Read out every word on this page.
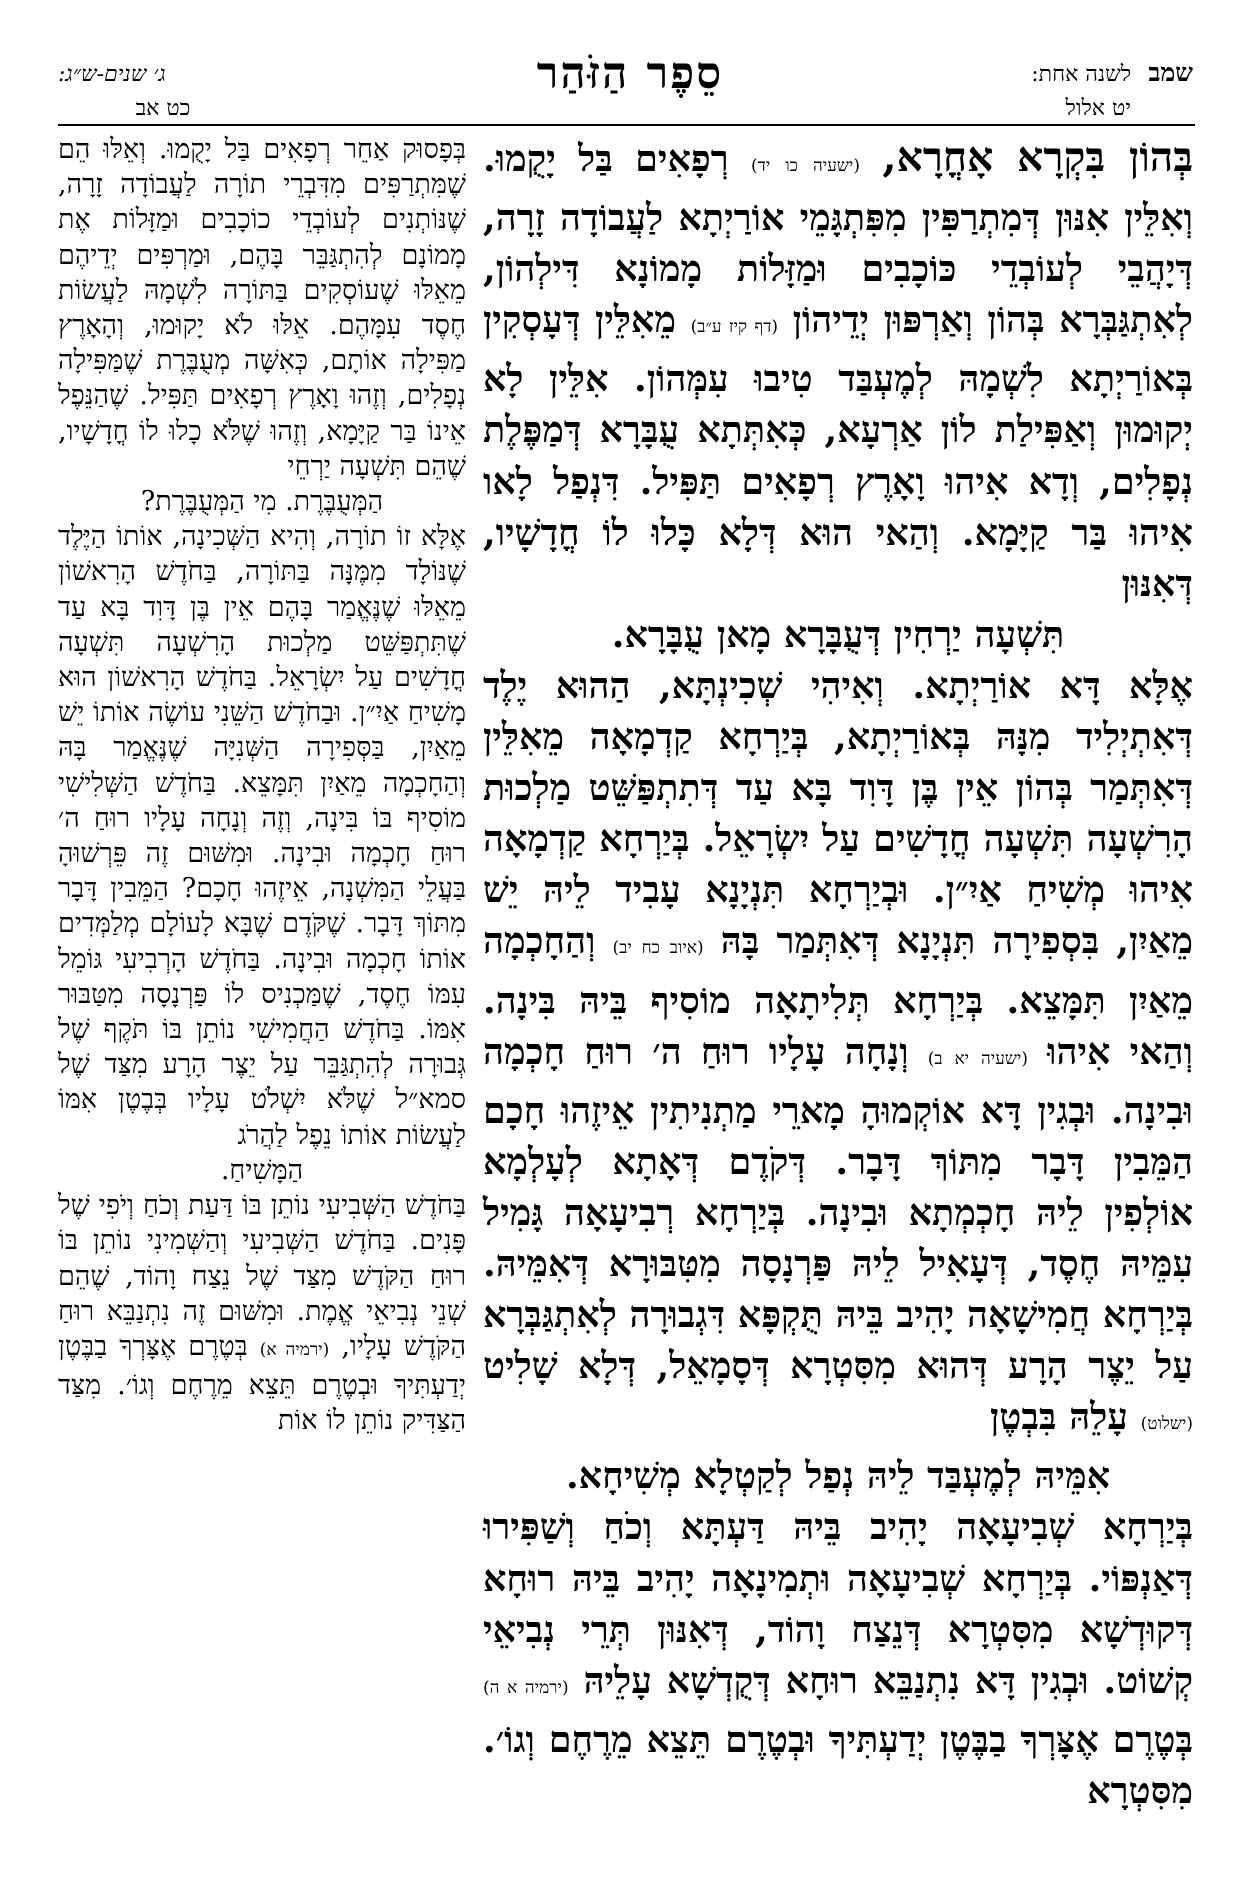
שמב
לשנה אחת:
יט אלול
סֵפֶר הַזֹּהַר
ג׳ שנים-ש״ג:
כט אב

בְּהוֹן בִּקְרָא אָחֳרָא, (ישעיה כו יד) רְפָאִים בַּל יָקֻמוּ. וְאִלֵּין אִנּוּן דְּמִתְרַפִּין מִפִּתְגָּמֵי אוֹרַיְתָא לַעֲבוֹדָה זָרָה, דְּיָהֲבֵי לְעוֹבְדֵי כּוֹכָבִים וּמַזָּלוֹת מָמוֹנָא דִּילְהוֹן, לְאִתְגַּבְּרָא בְּהוֹן וְאַרְפּוּן יְדֵיהוֹן (דף קיז ע״ב) מֵאִלֵּין דְּעָסְקִין בְּאוֹרַיְתָא לִשְׁמָהּ לְמֶעְבַּד טִיבוּ עִמְּהוֹן. אִלֵּין לָא יְקוּמוּן וְאַפִּילַת לוֹן אַרְעָא, כְּאִתְּתָא עֻבָּרָא דְּמַפֶּלֶת נְפָלִים, וְדָא אִיהוּ וָאָרֶץ רְפָאִים תַּפִּיל. דִּנְפַל לָאו אִיהוּ בַּר קַיָּמָא. וְהַאי הוּא דְּלָא כָּלוּ לוֹ חֳדָשָׁיו, דְּאִנּוּן

תִּשְׁעָה יַרְחִין דְּעֻבָּרָא מָאן עֻבָּרָא.

אֶלָּא דָּא אוֹרַיְתָא. וְאִיהִי שְׁכִינְתָּא, הַהוּא יֶלֶד דְּאִתְיְלִיד מִנָּהּ בְּאוֹרַיְתָא, בְּיַרְחָא קַדְמָאָה מֵאִלֵּין דְּאִתְּמַר בְּהוֹן אֵין בֶּן דָּוִד בָּא עַד דְּתִתְפַּשֵּׁט מַלְכוּת הָרִשְׁעָה תִּשְׁעָה חֳדָשִׁים עַל יִשְׂרָאֵל. בְּיַרְחָא קַדְמָאָה אִיהוּ מְשִׁיחַ אַיִ״ן. וּבְיַרְחָא תִּנְיָנָא עָבִיד לֵיהּ יֵשׁ מֵאַיִן, בִּסְפִירָה תִּנְיָנָא דְּאִתְּמַר בָּהּ (איוב כח יב) וְהַחָכְמָה מֵאַיִן תִּמָּצֵא. בְּיַרְחָא תְּלִיתָאָה מוֹסִיף בֵּיהּ בִּינָה. וְהַאי אִיהוּ (ישעיה יא ב) וְנָחָה עָלָיו רוּחַ ה׳ רוּחַ חָכְמָה וּבִינָה. וּבְגִין דָּא אוֹקְמוּהָ מָארֵי מַתְנִיתִין אֵיזֶהוּ חָכָם הַמֵּבִין דָּבָר מִתּוֹךְ דָּבָר. דְּקֹדֶם דְּאָתָא לְעָלְמָא אוֹלְפִין לֵיהּ חָכְמְתָא וּבִינָה. בְּיַרְחָא רְבִיעָאָה גָּמִיל עִמֵּיהּ חֶסֶד, דְּעָאִיל לֵיהּ פַּרְנָסָה מִטִּבּוּרָא דְּאִמֵּיהּ. בְּיַרְחָא חֲמִישָׁאָה יָהִיב בֵּיהּ תֻּקְפָּא דִּגְבוּרָה לְאִתְגַּבְּרָא עַל יֵצֶר הָרָע דְּהוּא מִסִּטְרָא דְּסָמָאֵל, דְּלָא שָׁלִיט (ישלוט) עָלֵהּ בִּבְטֶן

אִמֵּיהּ לְמֶעְבַּד לֵיהּ נְפַל לְקַטְלָא מְשִׁיחָא.

בְּיַרְחָא שְׁבִיעָאָה יָהִיב בֵּיהּ דַּעְתָּא וְכֹחַ וְשַׁפִּירוּ דְּאַנְפּוֹי. בְּיַרְחָא שְׁבִיעָאָה וּתְמִינָאָה יָהִיב בֵּיהּ רוּחָא דְּקוּדְשָׁא מִסִּטְרָא דְּנֵצַח וָהוֹד, דְּאִנּוּן תְּרֵי נְבִיאֵי קְשׁוֹט. וּבְגִין דָּא נִתְנַבֵּא רוּחָא דְּקֻדְשָׁא עָלֵיהּ (ירמיה א ה) בְּטֶרֶם אֶצָּרְךָ בַבֶּטֶן יְדַעְתִּיךָ וּבְטֶרֶם תֵּצֵא מֵרֶחֶם וְגוֹ׳. מִסִּטְרָא

בְּפָסוּק אַחֵר רְפָאִים בַּל יָקֻמוּ. וְאֵלּוּ הֵם שֶׁמִּתְרַפִּים מִדִּבְרֵי תוֹרָה לַעֲבוֹדָה זָרָה, שֶׁנּוֹתְנִים לְעוֹבְדֵי כוֹכָבִים וּמַזָּלוֹת אֶת מָמוֹנָם לְהִתְגַּבֵּר בָּהֶם, וּמַרְפִּים יְדֵיהֶם מֵאֵלּוּ שֶׁעוֹסְקִים בַּתּוֹרָה לִשְׁמָהּ לַעֲשׂוֹת חֶסֶד עִמָּהֶם. אֵלּוּ לֹא יָקוּמוּ, וְהָאָרֶץ מַפִּילָה אוֹתָם, כְּאִשָּׁה מְעֻבֶּרֶת שֶׁמַּפִּילָה נְפָלִים, וְזֶהוּ וָאָרֶץ רְפָאִים תַּפִּיל. שֶׁהַנֵּפֶל אֵינוֹ בַּר קַיָּמָא, וְזֶהוּ שֶׁלֹּא כָלוּ לוֹ חֳדָשָׁיו, שֶׁהֵם תִּשְׁעָה יַרְחֵי

הַמְּעֻבֶּרֶת. מִי הַמְּעֻבֶּרֶת?

אֶלָּא זוֹ תוֹרָה, וְהִיא הַשְּׁכִינָה, אוֹתוֹ הַיֶּלֶד שֶׁנּוֹלָד מִמֶּנָּה בַּתּוֹרָה, בַּחֹדֶשׁ הָרִאשׁוֹן מֵאֵלּוּ שֶׁנֶּאֱמַר בָּהֶם אֵין בֶּן דָּוִד בָּא עַד שֶׁתִּתְפַּשֵּׁט מַלְכוּת הָרִשְׁעָה תִּשְׁעָה חֳדָשִׁים עַל יִשְׂרָאֵל. בַּחֹדֶשׁ הָרִאשׁוֹן הוּא מָשִׁיחַ אַיִ״ן. וּבַחֹדֶשׁ הַשֵּׁנִי עוֹשֶׂה אוֹתוֹ יֵשׁ מֵאַיִן, בַּסְּפִירָה הַשְּׁנִיָּה שֶׁנֶּאֱמַר בָּהּ וְהַחָכְמָה מֵאַיִן תִּמָּצֵא. בַּחֹדֶשׁ הַשְּׁלִישִׁי מוֹסִיף בּוֹ בִּינָה, וְזֶה וְנָחָה עָלָיו רוּחַ ה׳ רוּחַ חָכְמָה וּבִינָה. וּמִשּׁוּם זֶה פֵּרְשׁוּהָ בַּעֲלֵי הַמִּשְׁנָה, אֵיזֶהוּ חָכָם? הַמֵּבִין דָּבָר מִתּוֹךְ דָּבָר. שֶׁקֹּדֶם שֶׁבָּא לָעוֹלָם מְלַמְּדִים אוֹתוֹ חָכְמָה וּבִינָה. בַּחֹדֶשׁ הָרְבִיעִי גּוֹמֵל עִמּוֹ חֶסֶד, שֶׁמַּכְנִיס לוֹ פַּרְנָסָה מִטַּבּוּר אִמּוֹ. בַּחֹדֶשׁ הַחֲמִישִׁי נוֹתֵן בּוֹ תֹּקֶף שֶׁל גְּבוּרָה לְהִתְגַּבֵּר עַל יֵצֶר הָרָע מִצַּד שֶׁל סמא״ל שֶׁלֹּא יִשְׁלֹט עָלָיו בְּבֶטֶן אִמּוֹ לַעֲשׂוֹת אוֹתוֹ נֵפֶל לַהֲרֹג

הַמָּשִׁיחַ.

בַּחֹדֶשׁ הַשְּׁבִיעִי נוֹתֵן בּוֹ דַּעַת וְכֹחַ וְיֹפִי שֶׁל פָּנִים. בַּחֹדֶשׁ הַשְּׁבִיעִי וְהַשְּׁמִינִי נוֹתֵן בּוֹ רוּחַ הַקֹּדֶשׁ מִצַּד שֶׁל נֵצַח וָהוֹד, שֶׁהֵם שְׁנֵי נְבִיאֵי אֱמֶת. וּמִשּׁוּם זֶה נִתְנַבֵּא רוּחַ הַקֹּדֶשׁ עָלָיו, (ירמיה א) בְּטֶרֶם אֶצָּרְךָ בַבֶּטֶן יְדַעְתִּיךָ וּבְטֶרֶם תֵּצֵא מֵרֶחֶם וְגוֹ׳. מִצַּד הַצַּדִּיק נוֹתֵן לוֹ אוֹת
